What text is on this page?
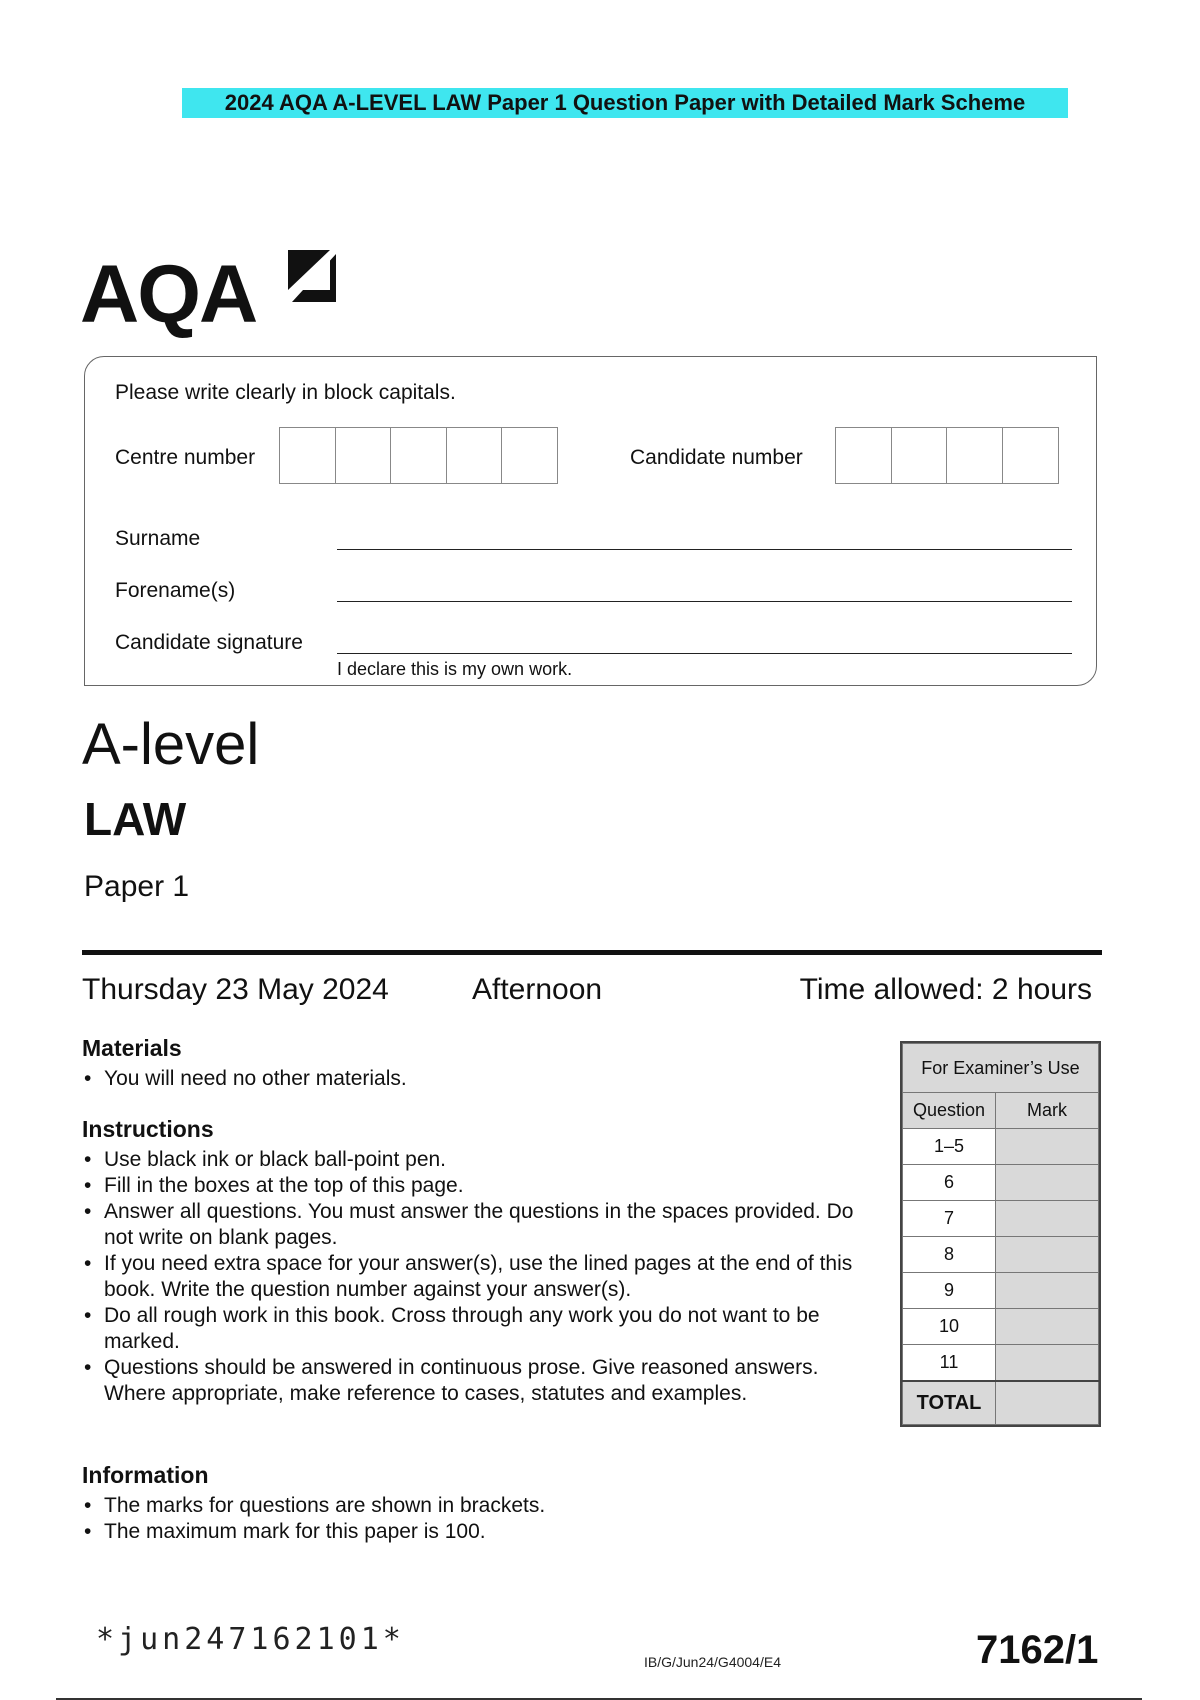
2024 AQA A-LEVEL LAW Paper 1 Question Paper with Detailed Mark Scheme
AQA
Please write clearly in block capitals.
Centre number	Candidate number
Surname
Forename(s)
Candidate signature
I declare this is my own work.
A-level
LAW
Paper 1
Thursday 23 May 2024	Afternoon	Time allowed: 2 hours
Materials
• You will need no other materials.
Instructions
• Use black ink or black ball-point pen.
• Fill in the boxes at the top of this page.
• Answer all questions. You must answer the questions in the spaces provided. Do not write on blank pages.
• If you need extra space for your answer(s), use the lined pages at the end of this book. Write the question number against your answer(s).
• Do all rough work in this book. Cross through any work you do not want to be marked.
• Questions should be answered in continuous prose. Give reasoned answers. Where appropriate, make reference to cases, statutes and examples.
Information
• The marks for questions are shown in brackets.
• The maximum mark for this paper is 100.
For Examiner’s Use	
Question	Mark
1–5	
6	
7	
8	
9	
10	
11	
TOTAL	
*jun247162101*
IB/G/Jun24/G4004/E4	7162/1
